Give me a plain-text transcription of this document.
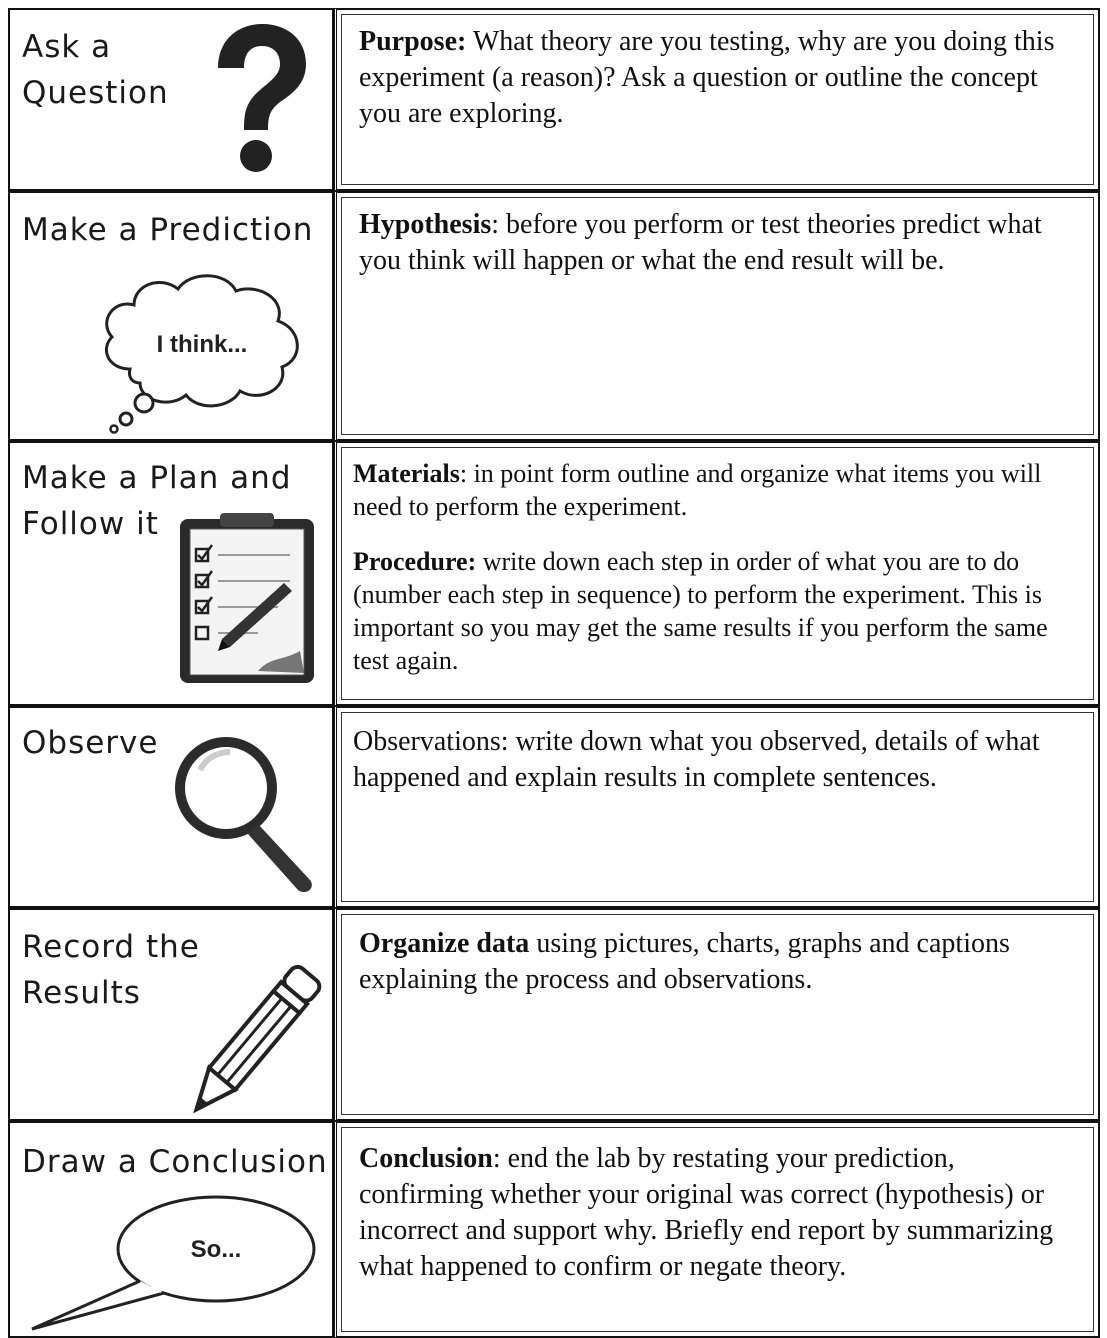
Ask a
Question
Purpose: What theory are you testing, why are you doing this experiment (a reason)? Ask a question or outline the concept you are exploring.
Make a Prediction
I think...
Hypothesis: before you perform or test theories predict what you think will happen or what the end result will be.
Make a Plan and
Follow it
Materials: in point form outline and organize what items you will need to perform the experiment.
Procedure: write down each step in order of what you are to do (number each step in sequence) to perform the experiment. This is important so you may get the same results if you perform the same test again.
Observe	Observations: write down what you observed, details of what happened and explain results in complete sentences.
Record the
Results
Organize data using pictures, charts, graphs and captions explaining the process and observations.
Draw a Conclusion
So...
Conclusion: end the lab by restating your prediction, confirming whether your original was correct (hypothesis) or incorrect and support why. Briefly end report by summarizing what happened to confirm or negate theory.
